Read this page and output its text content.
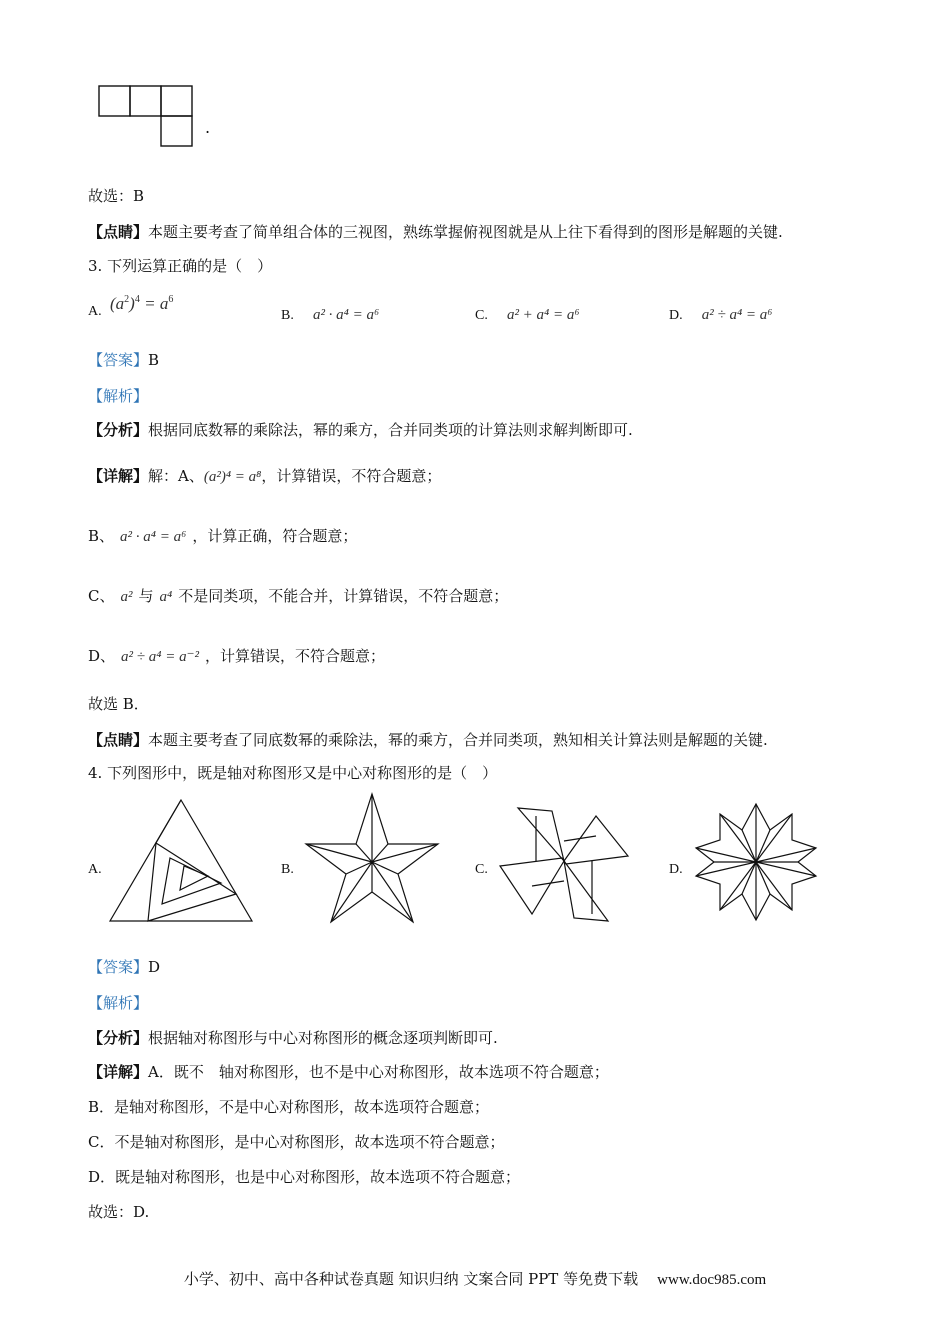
.
故选：B
【点睛】本题主要考查了简单组合体的三视图，熟练掌握俯视图就是从上往下看得到的图形是解题的关键.
3. 下列运算正确的是（　）
A. $(a^2)^4 = a^6$
B. a² · a⁴ = a⁶	C. a² + a⁴ = a⁶	D. a² ÷ a⁴ = a⁶
【答案】B
【解析】
【分析】根据同底数幂的乘除法，幂的乘方，合并同类项的计算法则求解判断即可.
【详解】解：A、(a²)⁴ = a⁸，计算错误，不符合题意；
B、 a² · a⁴ = a⁶ ，计算正确，符合题意；
C、 a² 与 a⁴ 不是同类项，不能合并，计算错误，不符合题意；
D、 a² ÷ a⁴ = a⁻² ，计算错误，不符合题意；
故选 B．
【点睛】本题主要考查了同底数幂的乘除法，幂的乘方，合并同类项，熟知相关计算法则是解题的关键.
4. 下列图形中，既是轴对称图形又是中心对称图形的是（　）
A.	B.	C.	D.
【答案】D
【解析】
【分析】根据轴对称图形与中心对称图形的概念逐项判断即可.
【详解】A．既不　轴对称图形，也不是中心对称图形，故本选项不符合题意；
B．是轴对称图形，不是中心对称图形，故本选项符合题意；
C．不是轴对称图形，是中心对称图形，故本选项不符合题意；
D．既是轴对称图形，也是中心对称图形，故本选项不符合题意；
故选：D.
小学、初中、高中各种试卷真题 知识归纳 文案合同 PPT 等免费下载 www.doc985.com
